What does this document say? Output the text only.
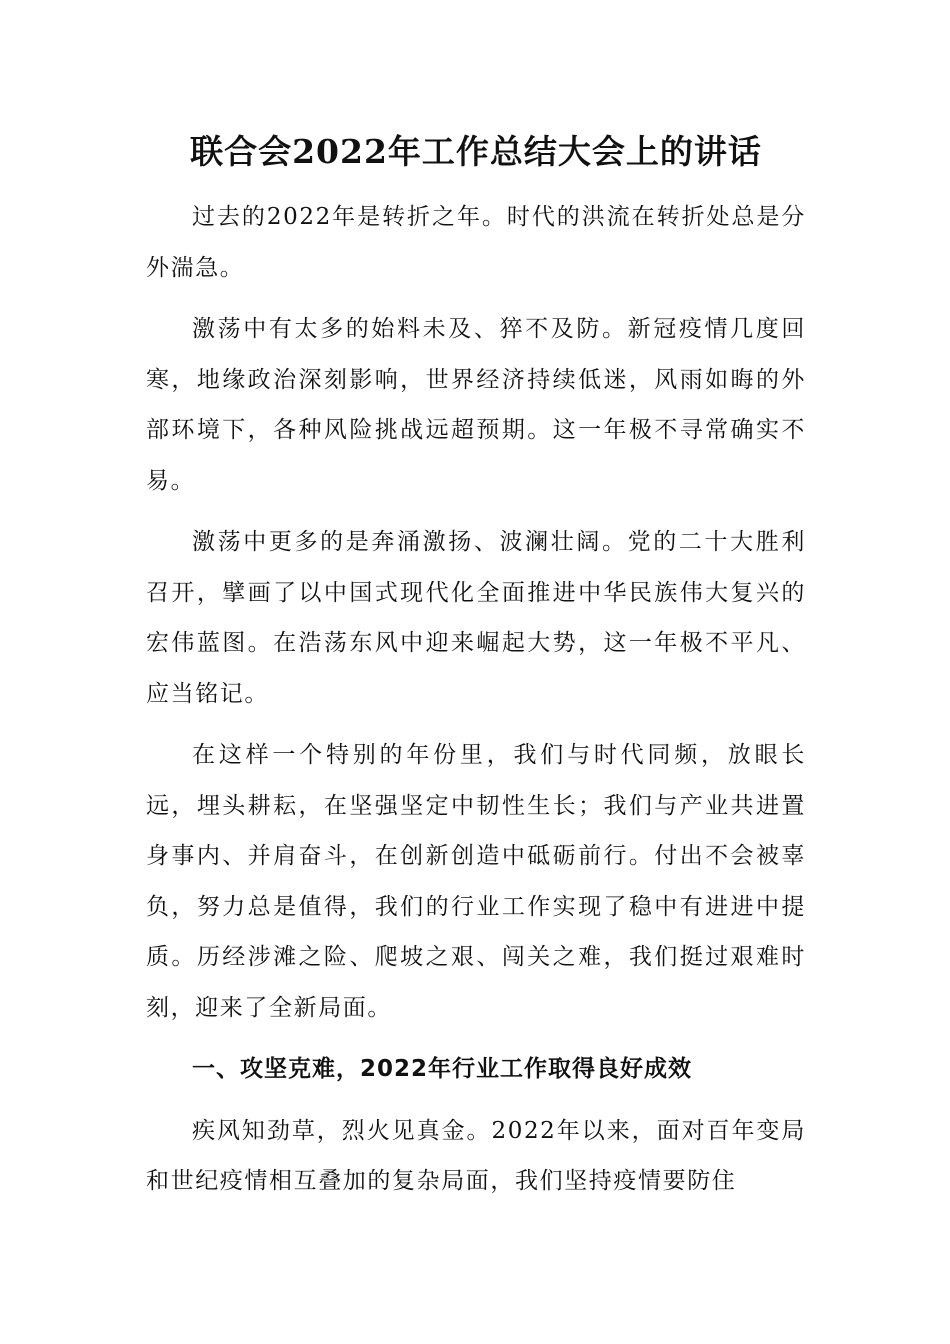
联合会2022年工作总结大会上的讲话

过去的2022年是转折之年。时代的洪流在转折处总是分外湍急。

激荡中有太多的始料未及、猝不及防。新冠疫情几度回寒，地缘政治深刻影响，世界经济持续低迷，风雨如晦的外部环境下，各种风险挑战远超预期。这一年极不寻常确实不易。

激荡中更多的是奔涌激扬、波澜壮阔。党的二十大胜利召开，擘画了以中国式现代化全面推进中华民族伟大复兴的宏伟蓝图。在浩荡东风中迎来崛起大势，这一年极不平凡、应当铭记。

在这样一个特别的年份里，我们与时代同频，放眼长远，埋头耕耘，在坚强坚定中韧性生长；我们与产业共进置身事内、并肩奋斗，在创新创造中砥砺前行。付出不会被辜负，努力总是值得，我们的行业工作实现了稳中有进进中提质。历经涉滩之险、爬坡之艰、闯关之难，我们挺过艰难时刻，迎来了全新局面。

一、攻坚克难，2022年行业工作取得良好成效

疾风知劲草，烈火见真金。2022年以来，面对百年变局和世纪疫情相互叠加的复杂局面，我们坚持疫情要防住
